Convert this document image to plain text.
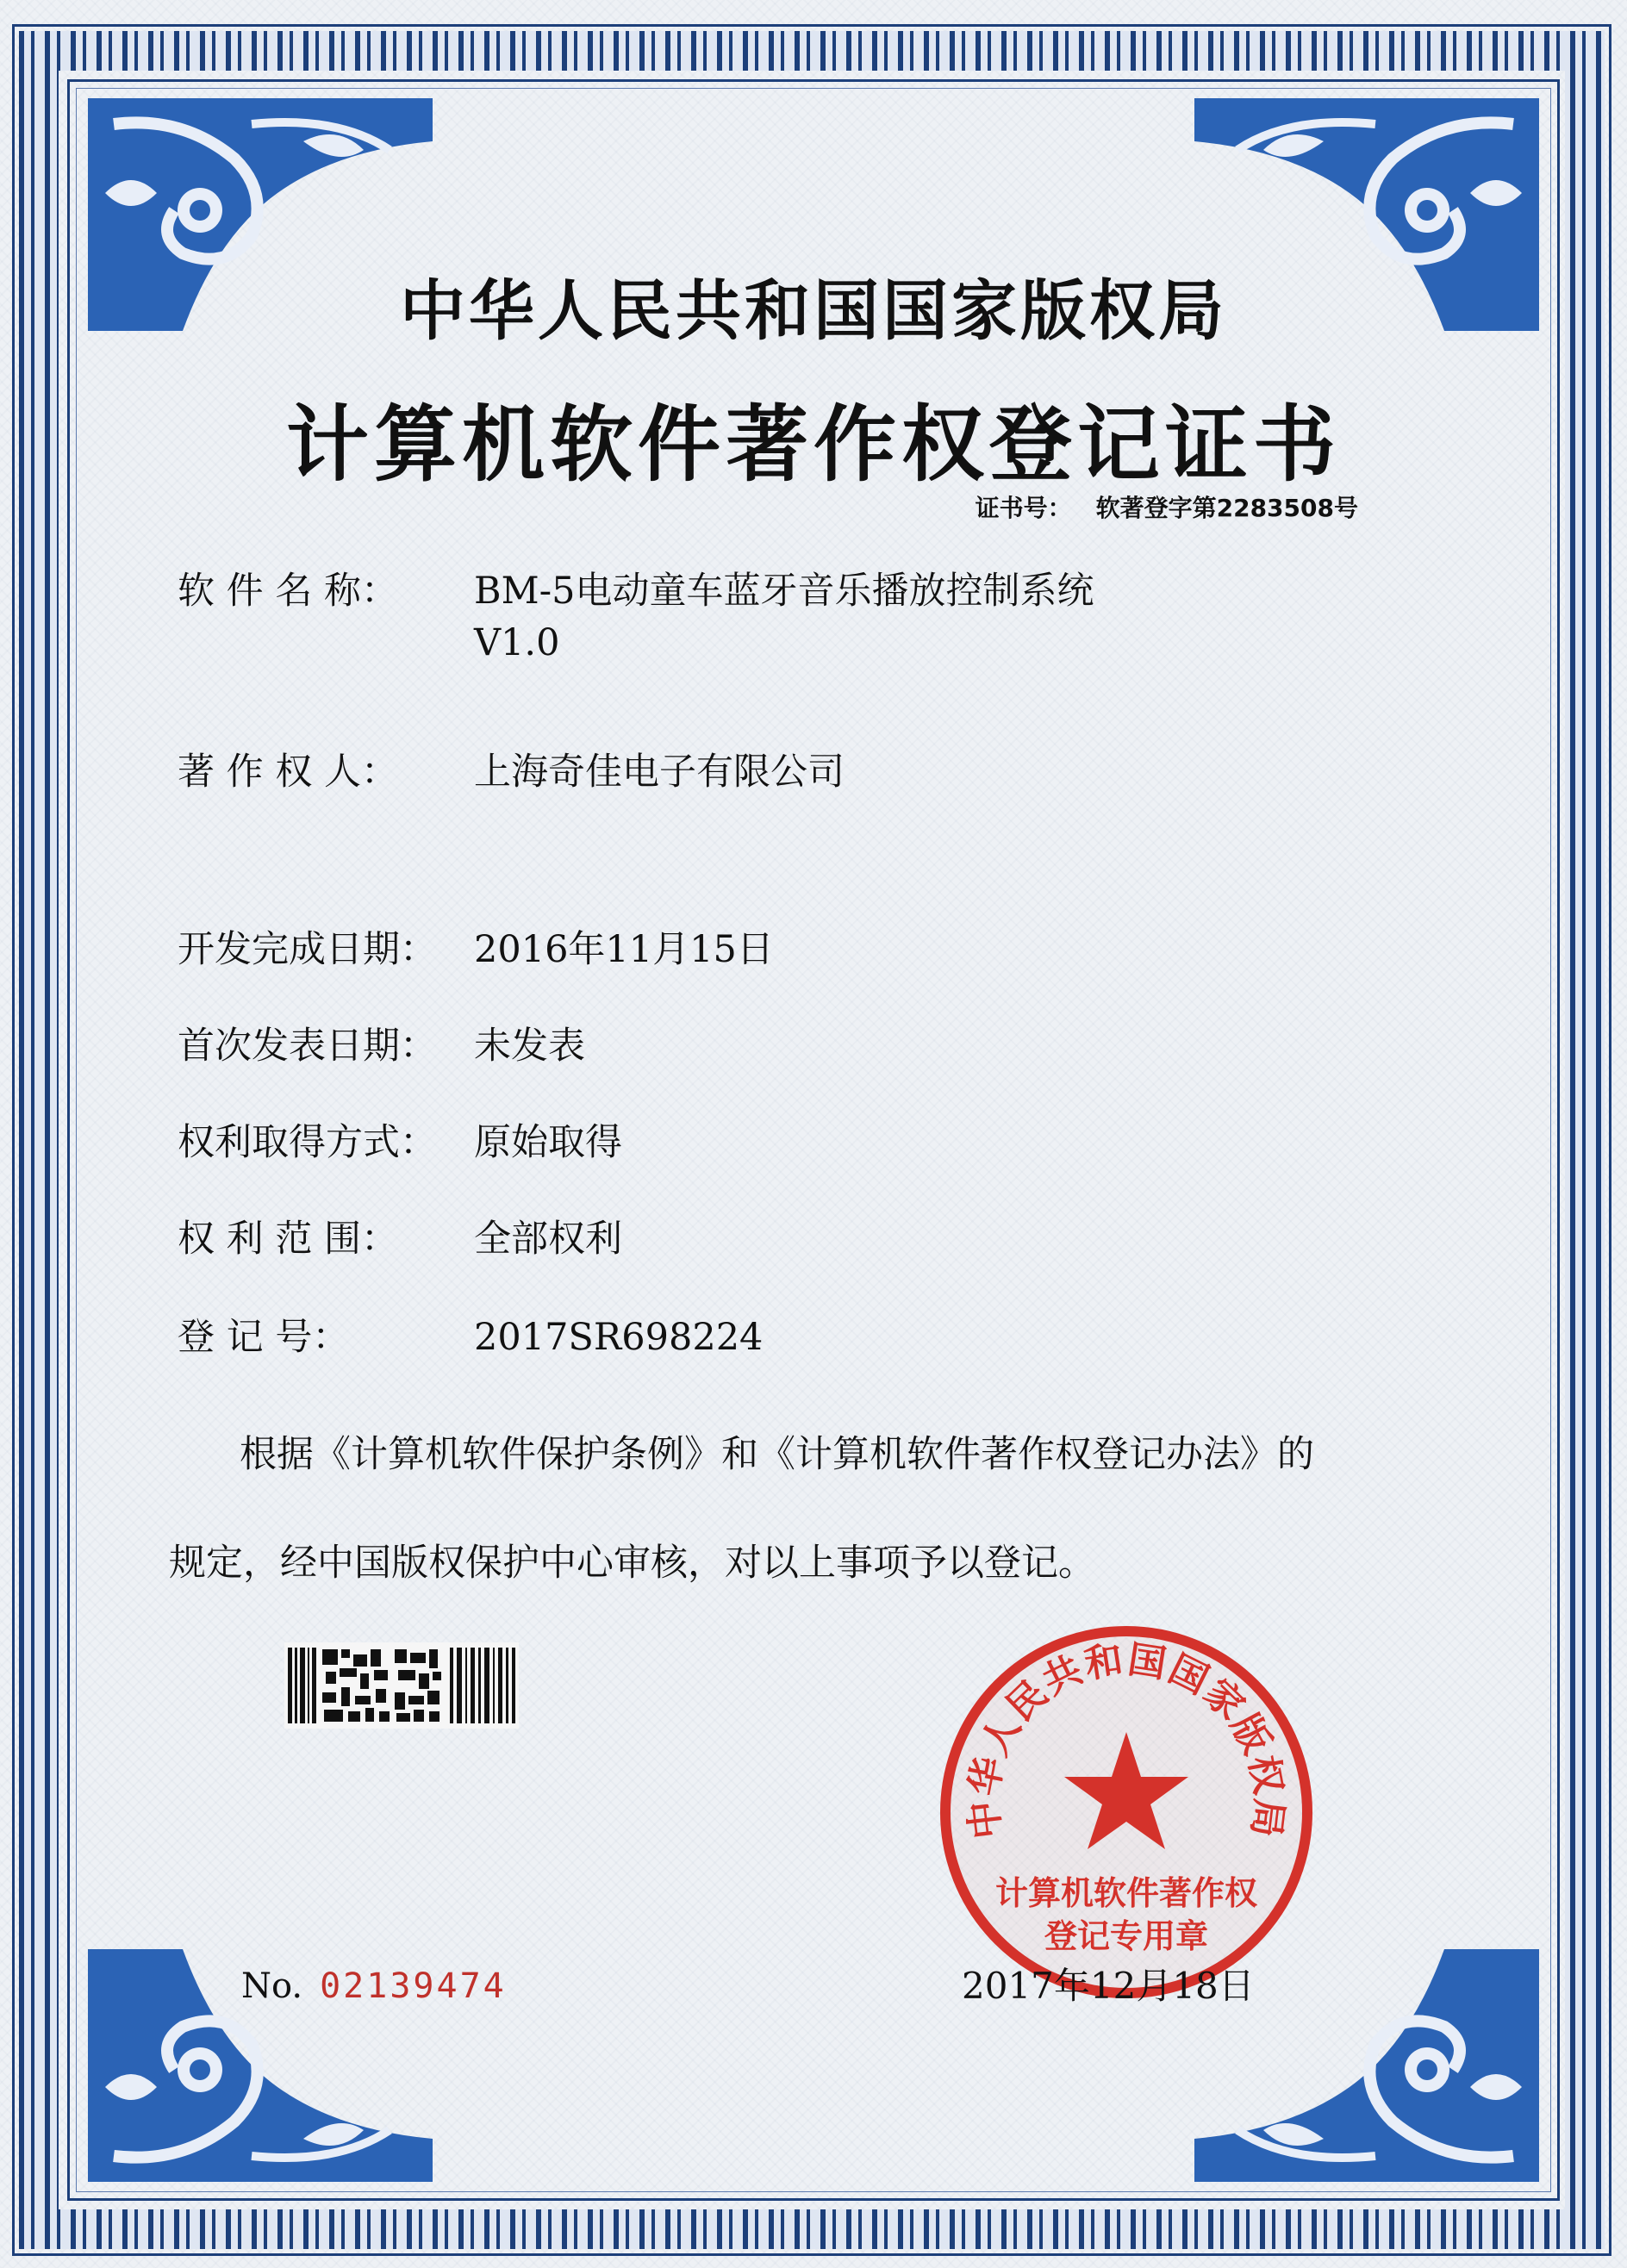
中华人民共和国国家版权局
计算机软件著作权登记证书
证书号： 软著登字第2283508号
软 件 名 称： BM-5电动童车蓝牙音乐播放控制系统
V1.0
著 作 权 人： 上海奇佳电子有限公司
开发完成日期： 2016年11月15日
首次发表日期： 未发表
权利取得方式： 原始取得
权 利 范 围： 全部权利
登 记 号：	2017SR698224
根据《计算机软件保护条例》和《计算机软件著作权登记办法》的
规定，经中国版权保护中心审核，对以上事项予以登记。
No. 02139474
中华人民共和国国家版权局
计算机软件著作权
登记专用章
2017年12月18日
